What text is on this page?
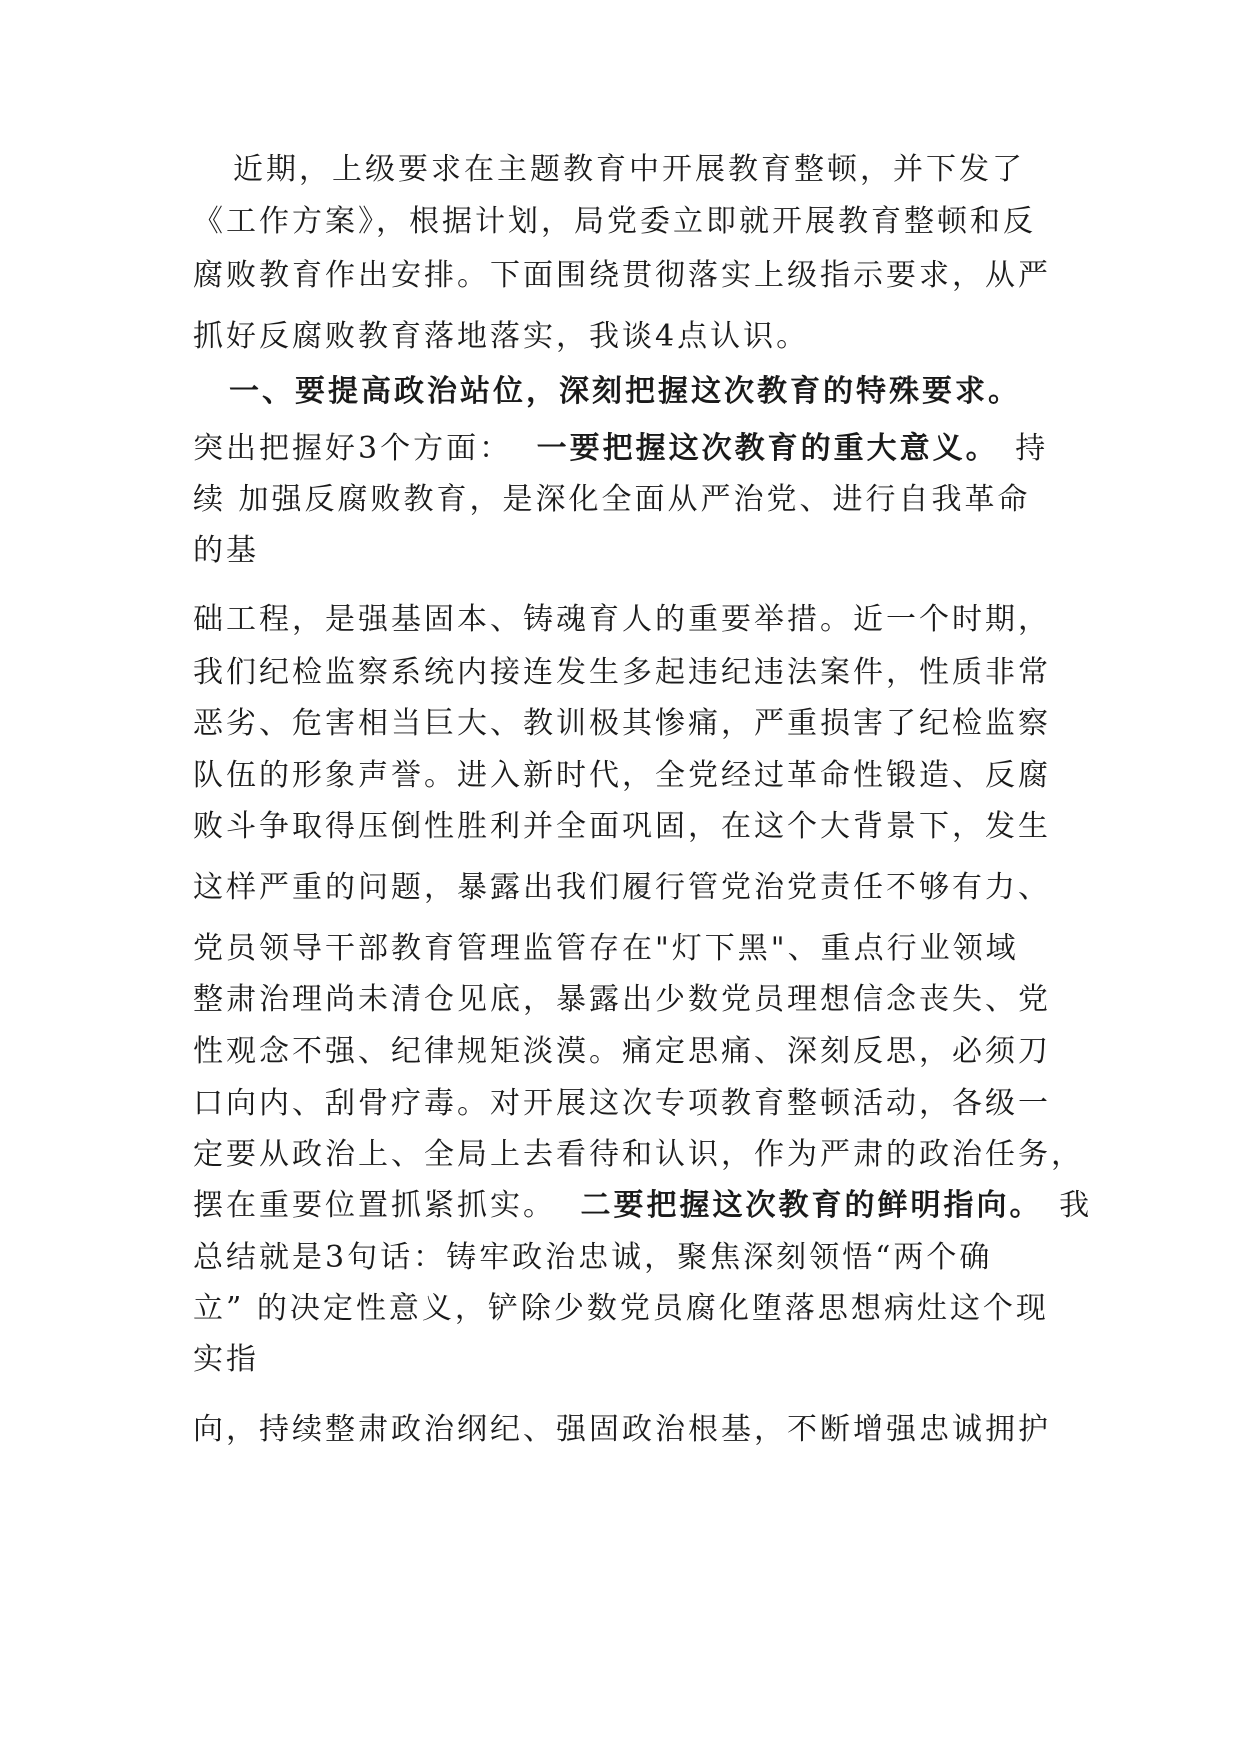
近期，上级要求在主题教育中开展教育整顿，并下发了
《工作方案》，根据计划，局党委立即就开展教育整顿和反
腐败教育作出安排。下面围绕贯彻落实上级指示要求，从严
抓好反腐败教育落地落实，我谈4点认识。
一、要提高政治站位，深刻把握这次教育的特殊要求。
突出把握好3个方面： 一要把握这次教育的重大意义。 持
续 加强反腐败教育，是深化全面从严治党、进行自我革命
的基
础工程，是强基固本、铸魂育人的重要举措。近一个时期，
我们纪检监察系统内接连发生多起违纪违法案件，性质非常
恶劣、危害相当巨大、教训极其惨痛，严重损害了纪检监察
队伍的形象声誉。进入新时代，全党经过革命性锻造、反腐
败斗争取得压倒性胜利并全面巩固，在这个大背景下，发生
这样严重的问题，暴露出我们履行管党治党责任不够有力、
党员领导干部教育管理监管存在"灯下黑"、重点行业领域
整肃治理尚未清仓见底，暴露出少数党员理想信念丧失、党
性观念不强、纪律规矩淡漠。痛定思痛、深刻反思，必须刀
口向内、刮骨疗毒。对开展这次专项教育整顿活动，各级一
定要从政治上、全局上去看待和认识，作为严肃的政治任务，
摆在重要位置抓紧抓实。 二要把握这次教育的鲜明指向。 我
总结就是3句话：铸牢政治忠诚，聚焦深刻领悟“两个确
立” 的决定性意义，铲除少数党员腐化堕落思想病灶这个现
实指
向，持续整肃政治纲纪、强固政治根基，不断增强忠诚拥护
